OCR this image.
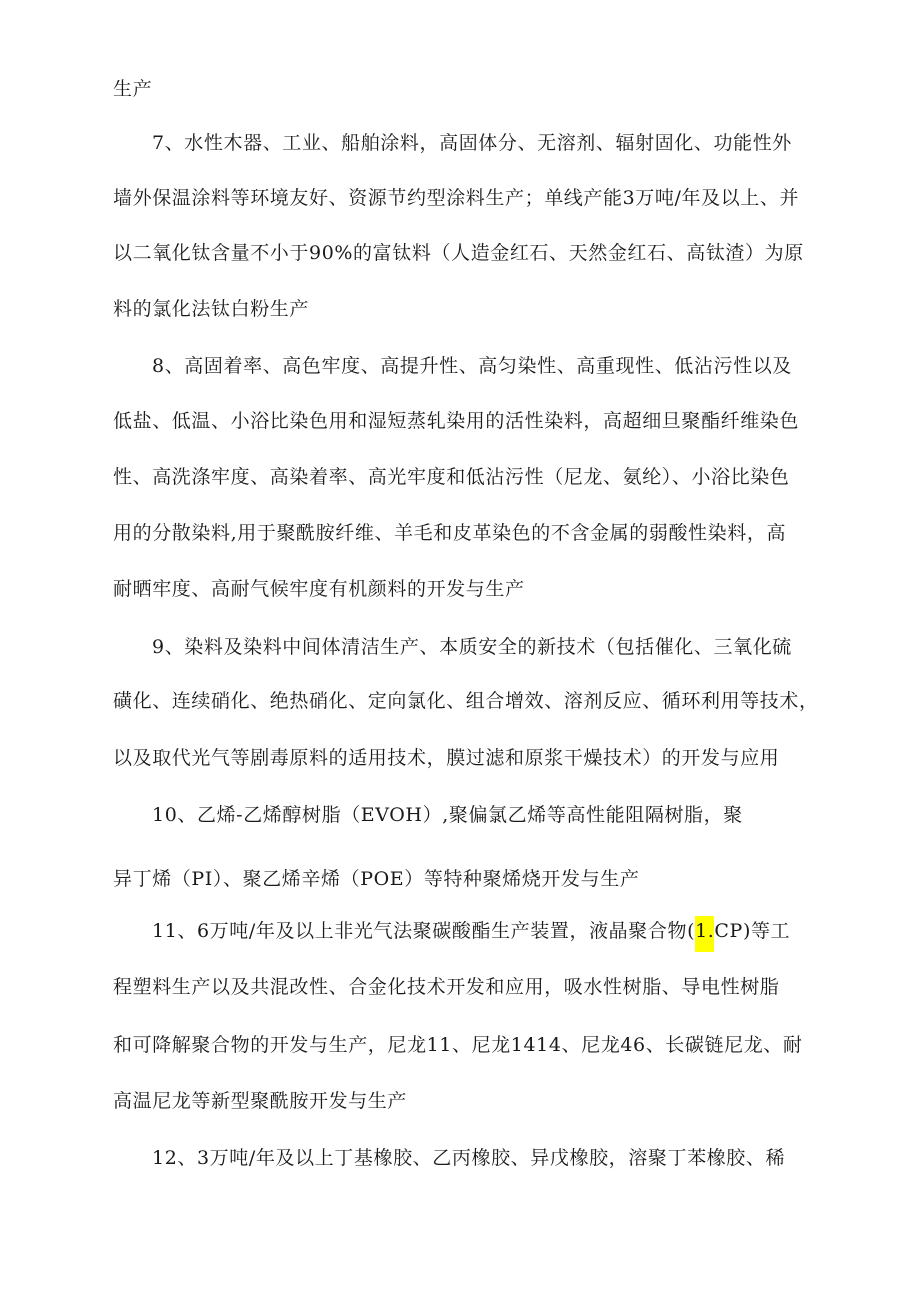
生产
7、水性木器、工业、船舶涂料，高固体分、无溶剂、辐射固化、功能性外
墙外保温涂料等环境友好、资源节约型涂料生产；单线产能3万吨/年及以上、并
以二氧化钛含量不小于90%的富钛料（人造金红石、天然金红石、高钛渣）为原
料的氯化法钛白粉生产
8、高固着率、高色牢度、高提升性、高匀染性、高重现性、低沾污性以及
低盐、低温、小浴比染色用和湿短蒸轧染用的活性染料，高超细旦聚酯纤维染色
性、高洗涤牢度、高染着率、高光牢度和低沾污性（尼龙、氨纶）、小浴比染色
用的分散染料,用于聚酰胺纤维、羊毛和皮革染色的不含金属的弱酸性染料，高
耐晒牢度、高耐气候牢度有机颜料的开发与生产
9、染料及染料中间体清洁生产、本质安全的新技术（包括催化、三氧化硫
磺化、连续硝化、绝热硝化、定向氯化、组合增效、溶剂反应、循环利用等技术，
以及取代光气等剧毒原料的适用技术，膜过滤和原浆干燥技术）的开发与应用
10、乙烯-乙烯醇树脂（EVOH）,聚偏氯乙烯等高性能阻隔树脂，聚
异丁烯（PI）、聚乙烯辛烯（POE）等特种聚烯烧开发与生产
11、6万吨/年及以上非光气法聚碳酸酯生产装置，液晶聚合物(1.CP)等工
程塑料生产以及共混改性、合金化技术开发和应用，吸水性树脂、导电性树脂
和可降解聚合物的开发与生产，尼龙11、尼龙1414、尼龙46、长碳链尼龙、耐
高温尼龙等新型聚酰胺开发与生产
12、3万吨/年及以上丁基橡胶、乙丙橡胶、异戊橡胶，溶聚丁苯橡胶、稀
